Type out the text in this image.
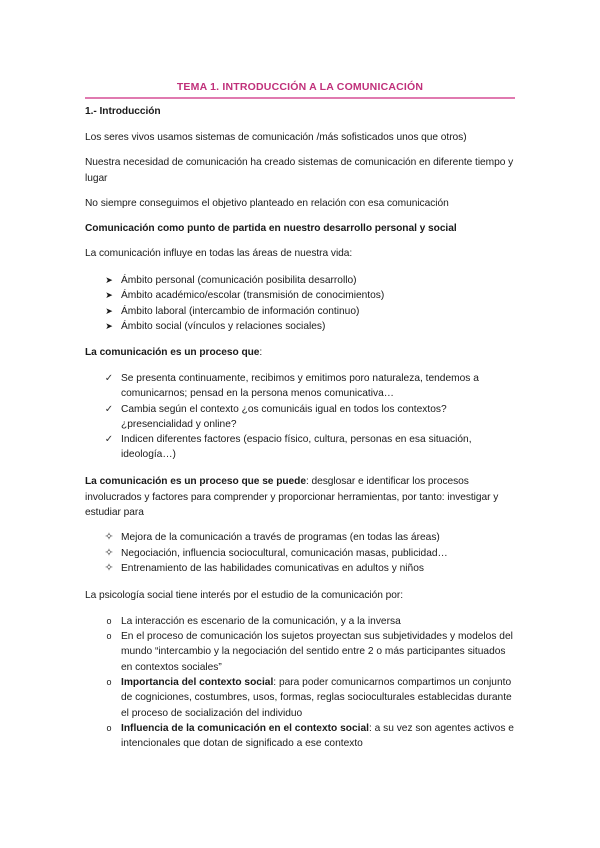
TEMA 1. INTRODUCCIÓN A LA COMUNICACIÓN
1.- Introducción
Los seres vivos usamos sistemas de comunicación /más sofisticados unos que otros)
Nuestra necesidad de comunicación ha creado sistemas de comunicación en diferente tiempo y lugar
No siempre conseguimos el objetivo planteado en relación con esa comunicación
Comunicación como punto de partida en nuestro desarrollo personal y social
La comunicación influye en todas las áreas de nuestra vida:
➤ Ámbito personal (comunicación posibilita desarrollo)
➤ Ámbito académico/escolar (transmisión de conocimientos)
➤ Ámbito laboral (intercambio de información continuo)
➤ Ámbito social (vínculos y relaciones sociales)
La comunicación es un proceso que:
✓ Se presenta continuamente, recibimos y emitimos poro naturaleza, tendemos a comunicarnos; pensad en la persona menos comunicativa…
✓ Cambia según el contexto ¿os comunicáis igual en todos los contextos? ¿presencialidad y online?
✓ Indicen diferentes factores (espacio físico, cultura, personas en esa situación, ideología…)
La comunicación es un proceso que se puede: desglosar e identificar los procesos involucrados y factores para comprender y proporcionar herramientas, por tanto: investigar y estudiar para
✧ Mejora de la comunicación a través de programas (en todas las áreas)
✧ Negociación, influencia sociocultural, comunicación masas, publicidad…
✧ Entrenamiento de las habilidades comunicativas en adultos y niños
La psicología social tiene interés por el estudio de la comunicación por:
o La interacción es escenario de la comunicación, y a la inversa
o En el proceso de comunicación los sujetos proyectan sus subjetividades y modelos del mundo “intercambio y la negociación del sentido entre 2 o más participantes situados en contextos sociales”
o Importancia del contexto social: para poder comunicarnos compartimos un conjunto de cogniciones, costumbres, usos, formas, reglas socioculturales establecidas durante el proceso de socialización del individuo
o Influencia de la comunicación en el contexto social: a su vez son agentes activos e intencionales que dotan de significado a ese contexto
